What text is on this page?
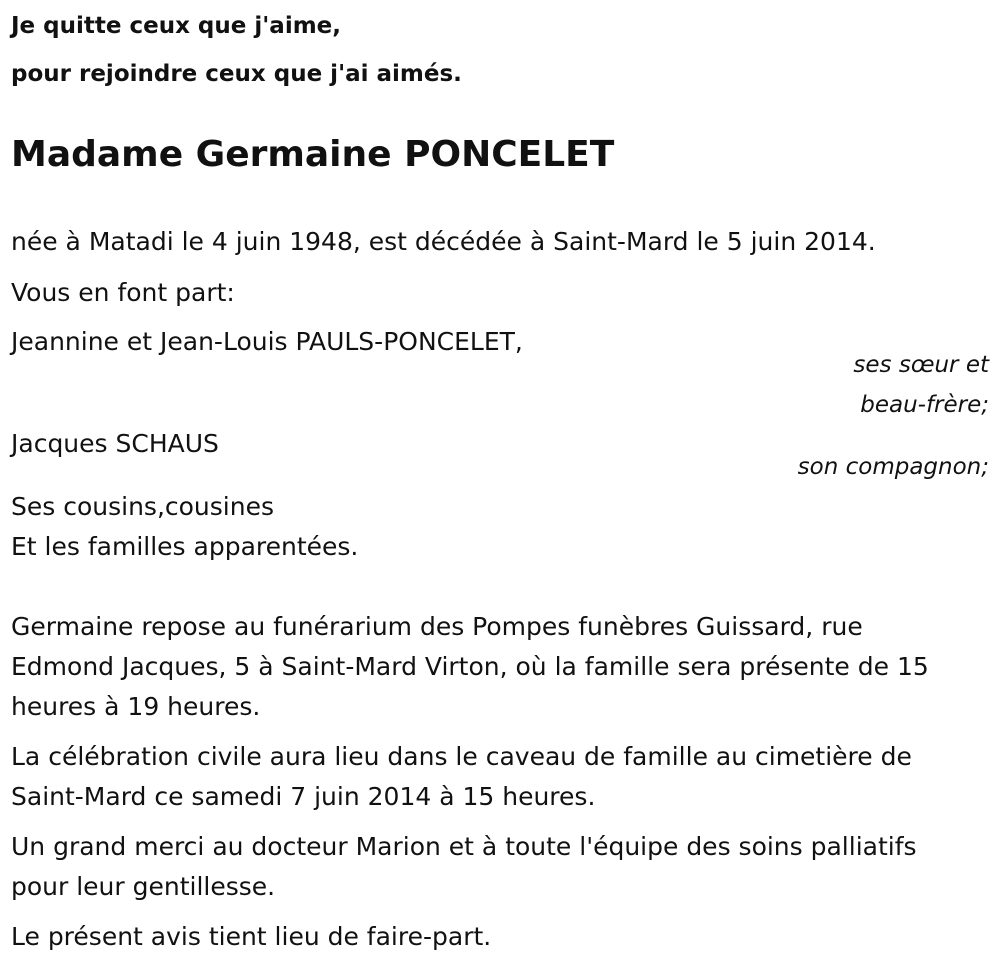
Je quitte ceux que j'aime,
pour rejoindre ceux que j'ai aimés.
Madame Germaine PONCELET
née à Matadi le 4 juin 1948, est décédée à Saint-Mard le 5 juin 2014.
Vous en font part:
Jeannine et Jean-Louis PAULS-PONCELET,
ses sœur et
beau-frère;
Jacques SCHAUS
son compagnon;
Ses cousins,cousines
Et les familles apparentées.
Germaine repose au funérarium des Pompes funèbres Guissard, rue
Edmond Jacques, 5 à Saint-Mard Virton, où la famille sera présente de 15
heures à 19 heures.
La célébration civile aura lieu dans le caveau de famille au cimetière de
Saint-Mard ce samedi 7 juin 2014 à 15 heures.
Un grand merci au docteur Marion et à toute l'équipe des soins palliatifs
pour leur gentillesse.
Le présent avis tient lieu de faire-part.
